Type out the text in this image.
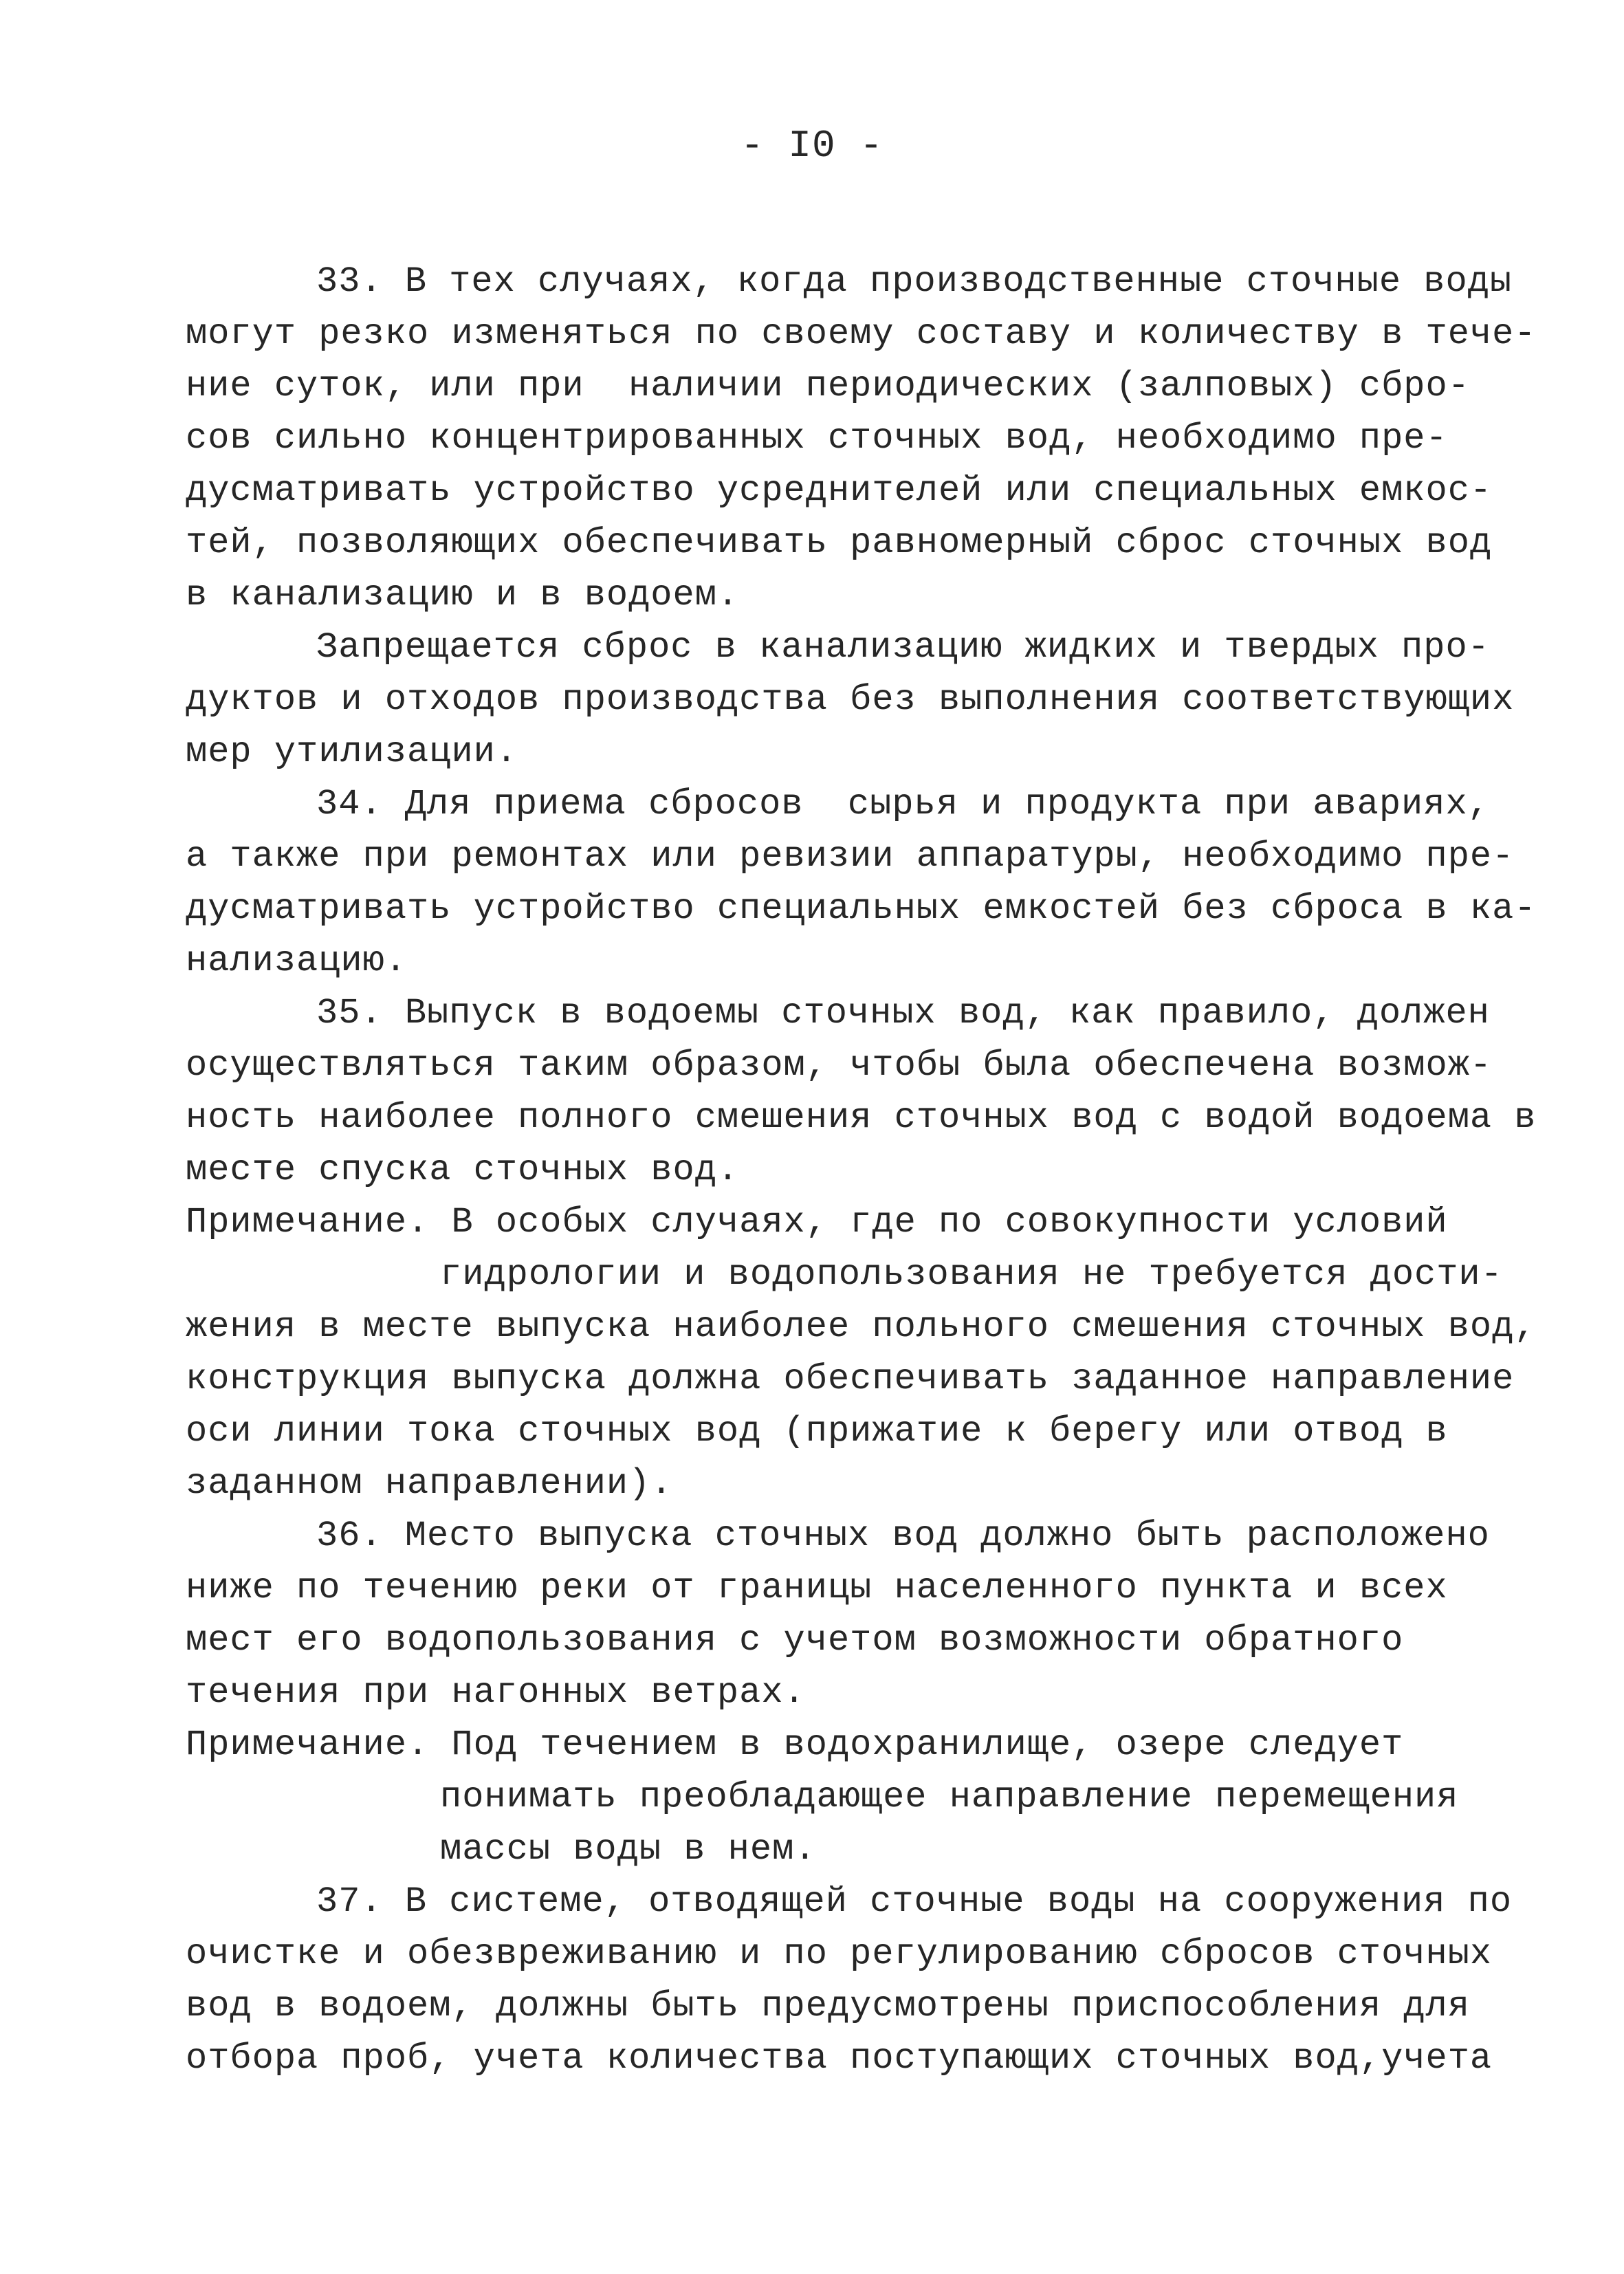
- I0 -
33. В тех случаях, когда производственные сточные воды
могут резко изменяться по своему составу и количеству в тече-
ние суток, или при  наличии периодических (залповых) сбро-
сов сильно концентрированных сточных вод, необходимо пре-
дусматривать устройство усреднителей или специальных емкос-
тей, позволяющих обеспечивать равномерный сброс сточных вод
в канализацию и в водоем.
Запрещается сброс в канализацию жидких и твердых про-
дуктов и отходов производства без выполнения соответствующих
мер утилизации.
34. Для приема сбросов  сырья и продукта при авариях,
а также при ремонтах или ревизии аппаратуры, необходимо пре-
дусматривать устройство специальных емкостей без сброса в ка-
нализацию.
35. Выпуск в водоемы сточных вод, как правило, должен
осуществляться таким образом, чтобы была обеспечена возмож-
ность наиболее полного смешения сточных вод с водой водоема в
месте спуска сточных вод.
Примечание. В особых случаях, где по совокупности условий
гидрологии и водопользования не требуется дости-
жения в месте выпуска наиболее польного смешения сточных вод,
конструкция выпуска должна обеспечивать заданное направление
оси линии тока сточных вод (прижатие к берегу или отвод в
заданном направлении).
36. Место выпуска сточных вод должно быть расположено
ниже по течению реки от границы населенного пункта и всех
мест его водопользования с учетом возможности обратного
течения при нагонных ветрах.
Примечание. Под течением в водохранилище, озере следует
понимать преобладающее направление перемещения
массы воды в нем.
37. В системе, отводящей сточные воды на сооружения по
очистке и обезвреживанию и по регулированию сбросов сточных
вод в водоем, должны быть предусмотрены приспособления для
отбора проб, учета количества поступающих сточных вод,учета
